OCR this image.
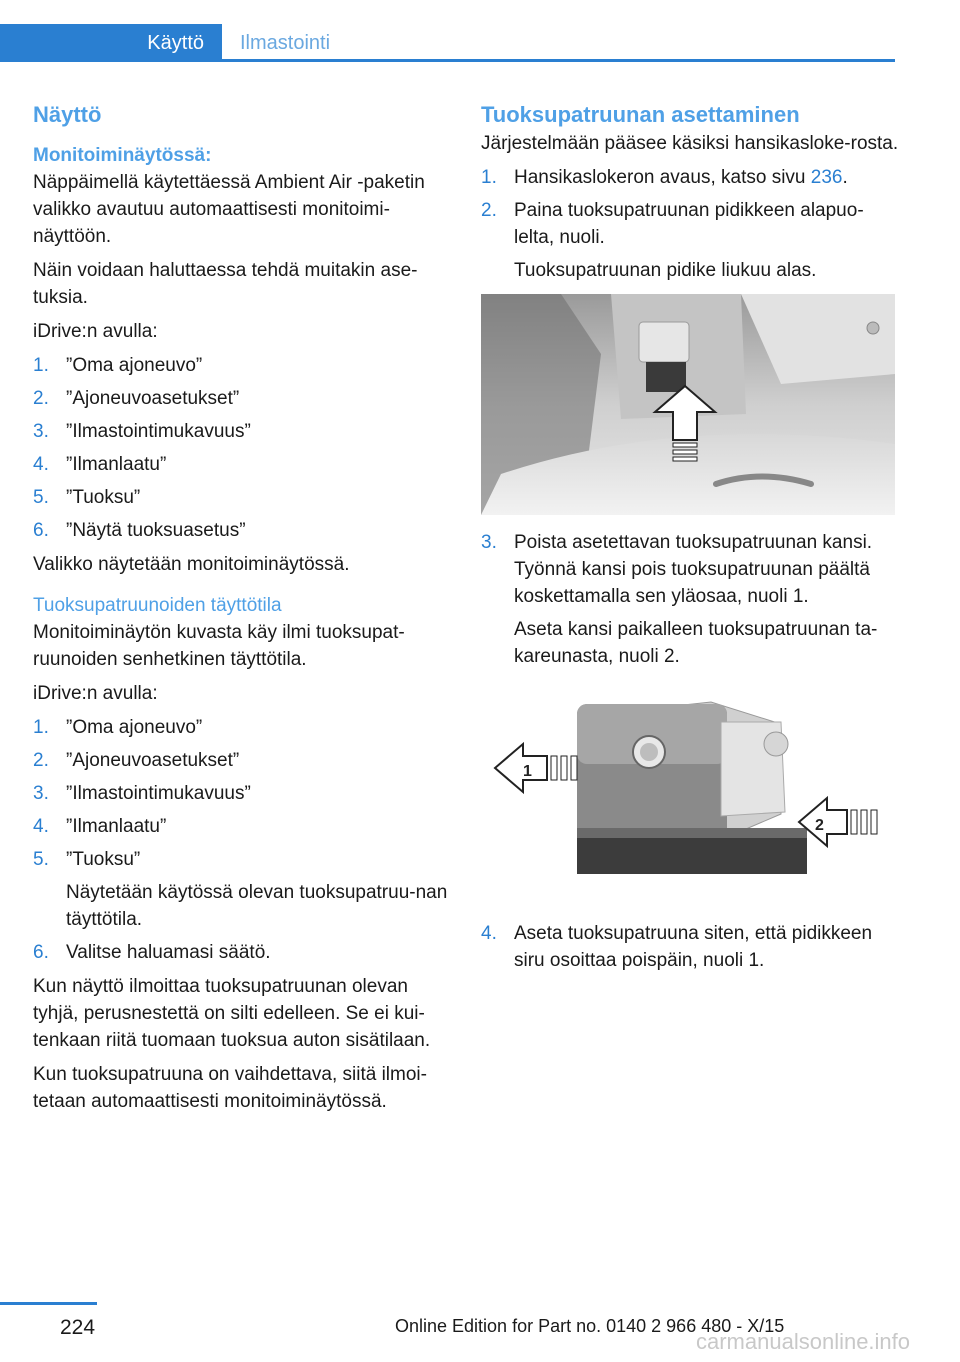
Käyttö	Ilmastointi
Näyttö
Monitoiminäytössä:
Näppäimellä käytettäessä Ambient Air -paketin valikko avautuu automaattisesti monitoimi-näyttöön.
Näin voidaan haluttaessa tehdä muitakin ase-tuksia.
iDrive:n avulla:
1. ”Oma ajoneuvo”
2. ”Ajoneuvoasetukset”
3. ”Ilmastointimukavuus”
4. ”Ilmanlaatu”
5. ”Tuoksu”
6. ”Näytä tuoksuasetus”
Valikko näytetään monitoiminäytössä.
Tuoksupatruunoiden täyttötila
Monitoiminäytön kuvasta käy ilmi tuoksupat-ruunoiden senhetkinen täyttötila.
iDrive:n avulla:
1. ”Oma ajoneuvo”
2. ”Ajoneuvoasetukset”
3. ”Ilmastointimukavuus”
4. ”Ilmanlaatu”
5. ”Tuoksu”
Näytetään käytössä olevan tuoksupatruu-nan täyttötila.
6. Valitse haluamasi säätö.
Kun näyttö ilmoittaa tuoksupatruunan olevan tyhjä, perusnestettä on silti edelleen. Se ei kui-tenkaan riitä tuomaan tuoksua auton sisätilaan.
Kun tuoksupatruuna on vaihdettava, siitä ilmoi-tetaan automaattisesti monitoiminäytössä.
Tuoksupatruunan asettaminen
Järjestelmään pääsee käsiksi hansikasloke-rosta.
1. Hansikaslokeron avaus, katso sivu 236.
2. Paina tuoksupatruunan pidikkeen alapuo-lelta, nuoli.
Tuoksupatruunan pidike liukuu alas.
3. Poista asetettavan tuoksupatruunan kansi. Työnnä kansi pois tuoksupatruunan päältä koskettamalla sen yläosaa, nuoli 1.
Aseta kansi paikalleen tuoksupatruunan ta-kareunasta, nuoli 2.
1
2
4. Aseta tuoksupatruuna siten, että pidikkeen siru osoittaa poispäin, nuoli 1.
224	Online Edition for Part no. 0140 2 966 480 - X/15
carmanualsonline.info
